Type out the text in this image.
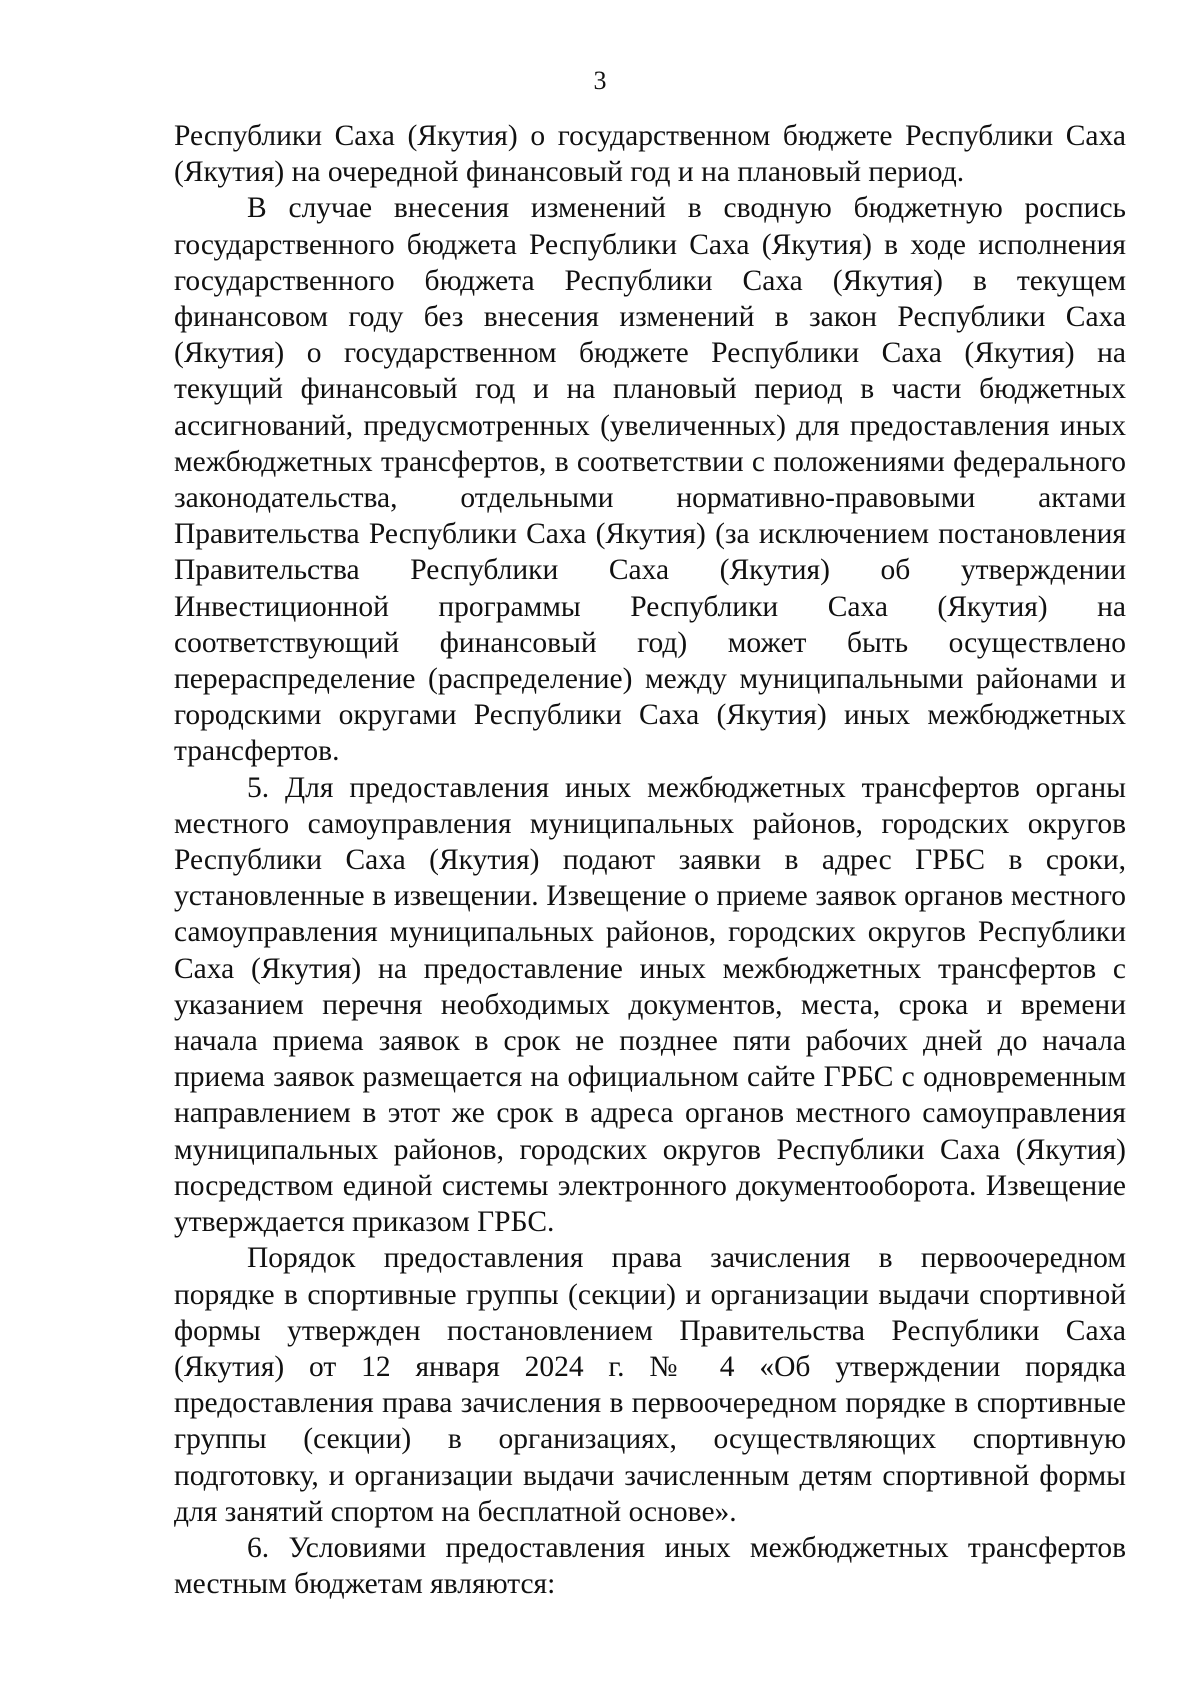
3

Республики Саха (Якутия) о государственном бюджете Республики Саха (Якутия) на очередной финансовый год и на плановый период.

В случае внесения изменений в сводную бюджетную роспись государственного бюджета Республики Саха (Якутия) в ходе исполнения государственного бюджета Республики Саха (Якутия) в текущем финансовом году без внесения изменений в закон Республики Саха (Якутия) о государственном бюджете Республики Саха (Якутия) на текущий финансовый год и на плановый период в части бюджетных ассигнований, предусмотренных (увеличенных) для предоставления иных межбюджетных трансфертов, в соответствии с положениями федерального законодательства, отдельными нормативно-правовыми актами Правительства Республики Саха (Якутия) (за исключением постановления Правительства Республики Саха (Якутия) об утверждении Инвестиционной программы Республики Саха (Якутия) на соответствующий финансовый год) может быть осуществлено перераспределение (распределение) между муниципальными районами и городскими округами Республики Саха (Якутия) иных межбюджетных трансфертов.

5. Для предоставления иных межбюджетных трансфертов органы местного самоуправления муниципальных районов, городских округов Республики Саха (Якутия) подают заявки в адрес ГРБС в сроки, установленные в извещении. Извещение о приеме заявок органов местного самоуправления муниципальных районов, городских округов Республики Саха (Якутия) на предоставление иных межбюджетных трансфертов с указанием перечня необходимых документов, места, срока и времени начала приема заявок в срок не позднее пяти рабочих дней до начала приема заявок размещается на официальном сайте ГРБС с одновременным направлением в этот же срок в адреса органов местного самоуправления муниципальных районов, городских округов Республики Саха (Якутия) посредством единой системы электронного документооборота. Извещение утверждается приказом ГРБС.

Порядок предоставления права зачисления в первоочередном порядке в спортивные группы (секции) и организации выдачи спортивной формы утвержден постановлением Правительства Республики Саха (Якутия) от 12 января 2024 г. № 4 «Об утверждении порядка предоставления права зачисления в первоочередном порядке в спортивные группы (секции) в организациях, осуществляющих спортивную подготовку, и организации выдачи зачисленным детям спортивной формы для занятий спортом на бесплатной основе».

6. Условиями предоставления иных межбюджетных трансфертов местным бюджетам являются:
